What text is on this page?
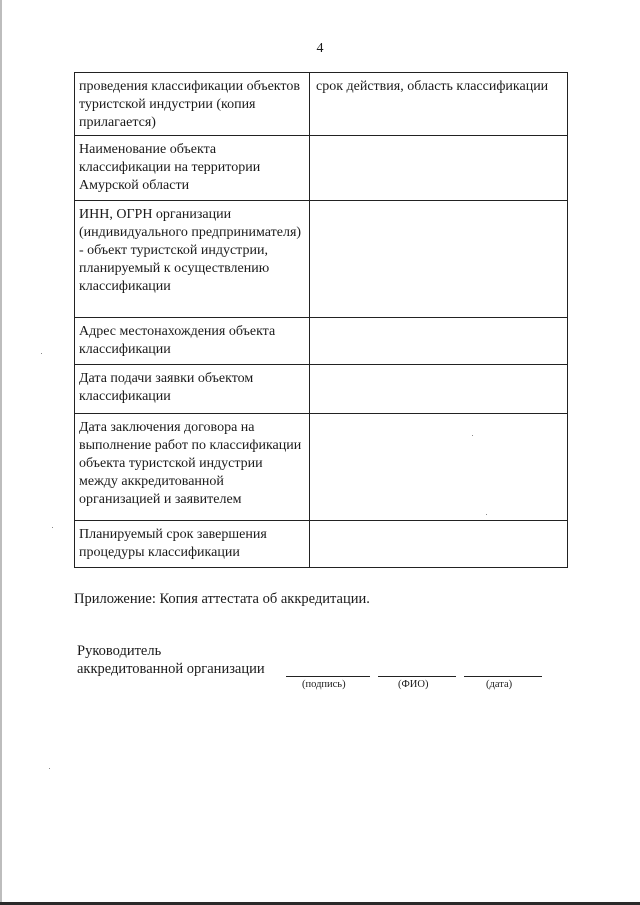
4
проведения классификации объектов туристской индустрии (копия прилагается)	срок действия, область классификации
Наименование объекта классификации на территории Амурской области	
ИНН, ОГРН организации (индивидуального предпринимателя) - объект туристской индустрии, планируемый к осуществлению классификации	
Адрес местонахождения объекта классификации	
Дата подачи заявки объектом классификации	
Дата заключения договора на выполнение работ по классификации объекта туристской индустрии между аккредитованной организацией и заявителем	
Планируемый срок завершения процедуры классификации	
Приложение: Копия аттестата об аккредитации.
Руководитель
аккредитованной организации
(подпись)	(ФИО)	(дата)
